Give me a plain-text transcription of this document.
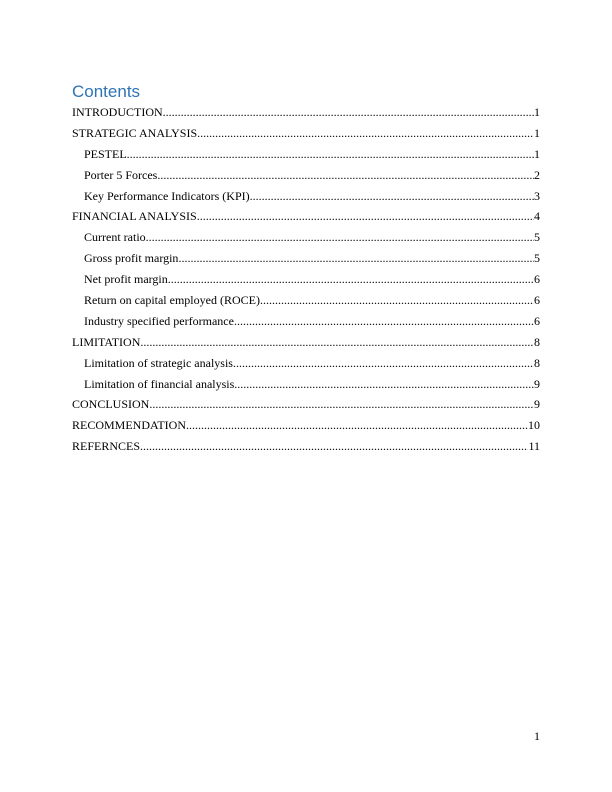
Contents
INTRODUCTION .....	1
STRATEGIC ANALYSIS .....	1
PESTEL .....	1
Porter 5 Forces .....	2
Key Performance Indicators (KPI) .....	3
FINANCIAL ANALYSIS .....	4
Current ratio .....	5
Gross profit margin .....	5
Net profit margin .....	6
Return on capital employed (ROCE) .....	6
Industry specified performance .....	6
LIMITATION .....	8
Limitation of strategic analysis .....	8
Limitation of financial analysis .....	9
CONCLUSION .....	9
RECOMMENDATION .....	10
REFERNCES .....	11
1
